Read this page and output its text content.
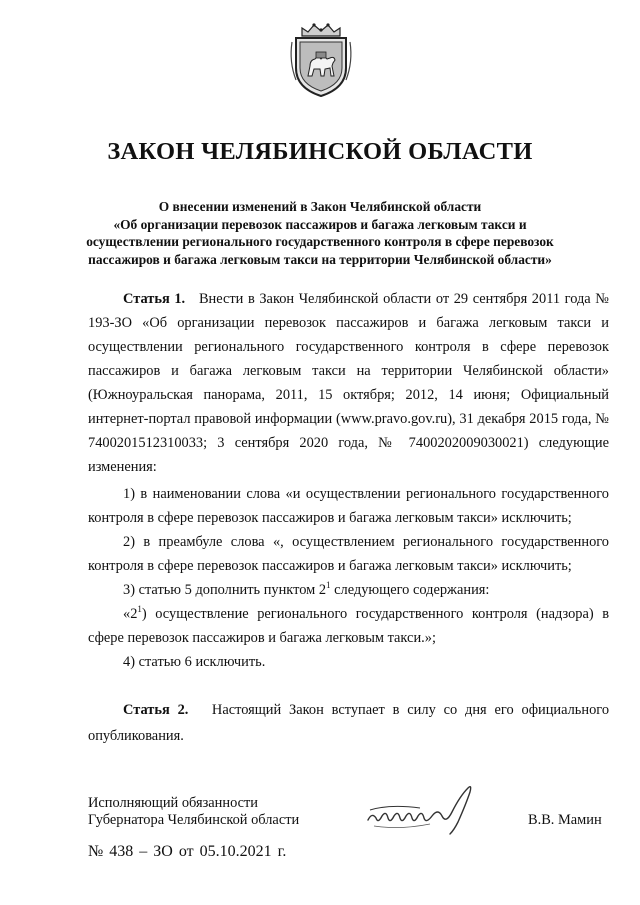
ЗАКОН ЧЕЛЯБИНСКОЙ ОБЛАСТИ
О внесении изменений в Закон Челябинской области
«Об организации перевозок пассажиров и багажа легковым такси и
осуществлении регионального государственного контроля в сфере перевозок
пассажиров и багажа легковым такси на территории Челябинской области»
Статья 1. Внести в Закон Челябинской области от 29 сентября 2011 года № 193-ЗО «Об организации перевозок пассажиров и багажа легковым такси и осуществлении регионального государственного контроля в сфере перевозок пассажиров и багажа легковым такси на территории Челябинской области» (Южноуральская панорама, 2011, 15 октября; 2012, 14 июня; Официальный интернет-портал правовой информации (www.pravo.gov.ru), 31 декабря 2015 года, № 7400201512310033; 3 сентября 2020 года, № 7400202009030021) следующие изменения:

1) в наименовании слова «и осуществлении регионального государственного контроля в сфере перевозок пассажиров и багажа легковым такси» исключить;

2) в преамбуле слова «, осуществлением регионального государственного контроля в сфере перевозок пассажиров и багажа легковым такси» исключить;

3) статью 5 дополнить пунктом $2^1$ следующего содержания:

«$2^1$) осуществление регионального государственного контроля (надзора) в сфере перевозок пассажиров и багажа легковым такси.»;

4) статью 6 исключить.

Статья 2. Настоящий Закон вступает в силу со дня его официального опубликования.
Исполняющий обязанности
Губернатора Челябинской области	В.В. Мамин
№ 438 – ЗО от 05.10.2021 г.
